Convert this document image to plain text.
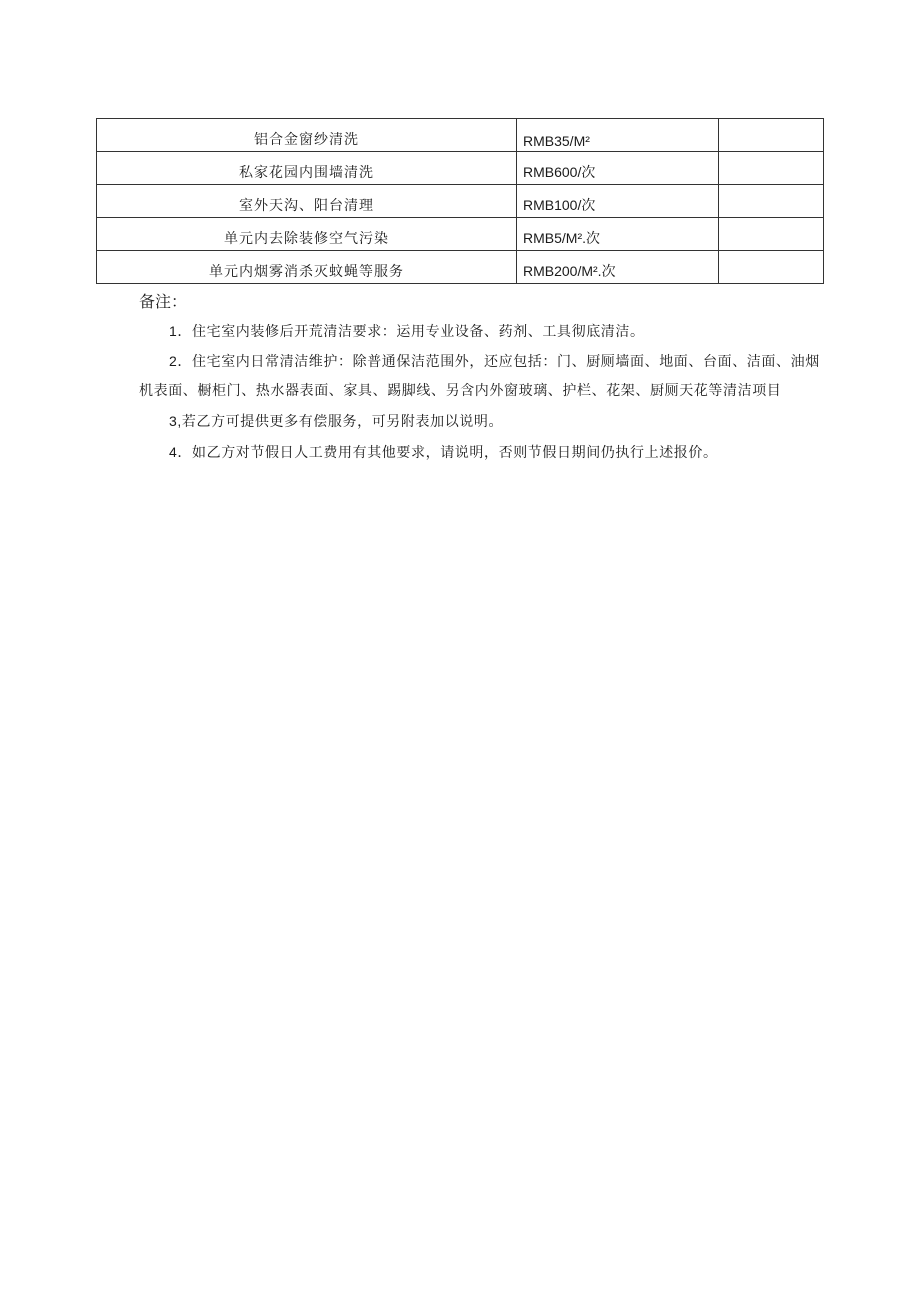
铝合金窗纱清洗	RMB35/M²	
私家花园内围墙清洗	RMB600/次	
室外天沟、阳台清理	RMB100/次	
单元内去除装修空气污染	RMB5/M².次	
单元内烟雾消杀灭蚊蝇等服务	RMB200/M².次	

备注：

1．住宅室内装修后开荒清洁要求：运用专业设备、药剂、工具彻底清洁。

2．住宅室内日常清洁维护：除普通保洁范围外，还应包括：门、厨厕墙面、地面、台面、洁面、油烟机表面、橱柜门、热水器表面、家具、踢脚线、另含内外窗玻璃、护栏、花架、厨厕天花等清洁项目

3,若乙方可提供更多有偿服务，可另附表加以说明。

4．如乙方对节假日人工费用有其他要求，请说明，否则节假日期间仍执行上述报价。
